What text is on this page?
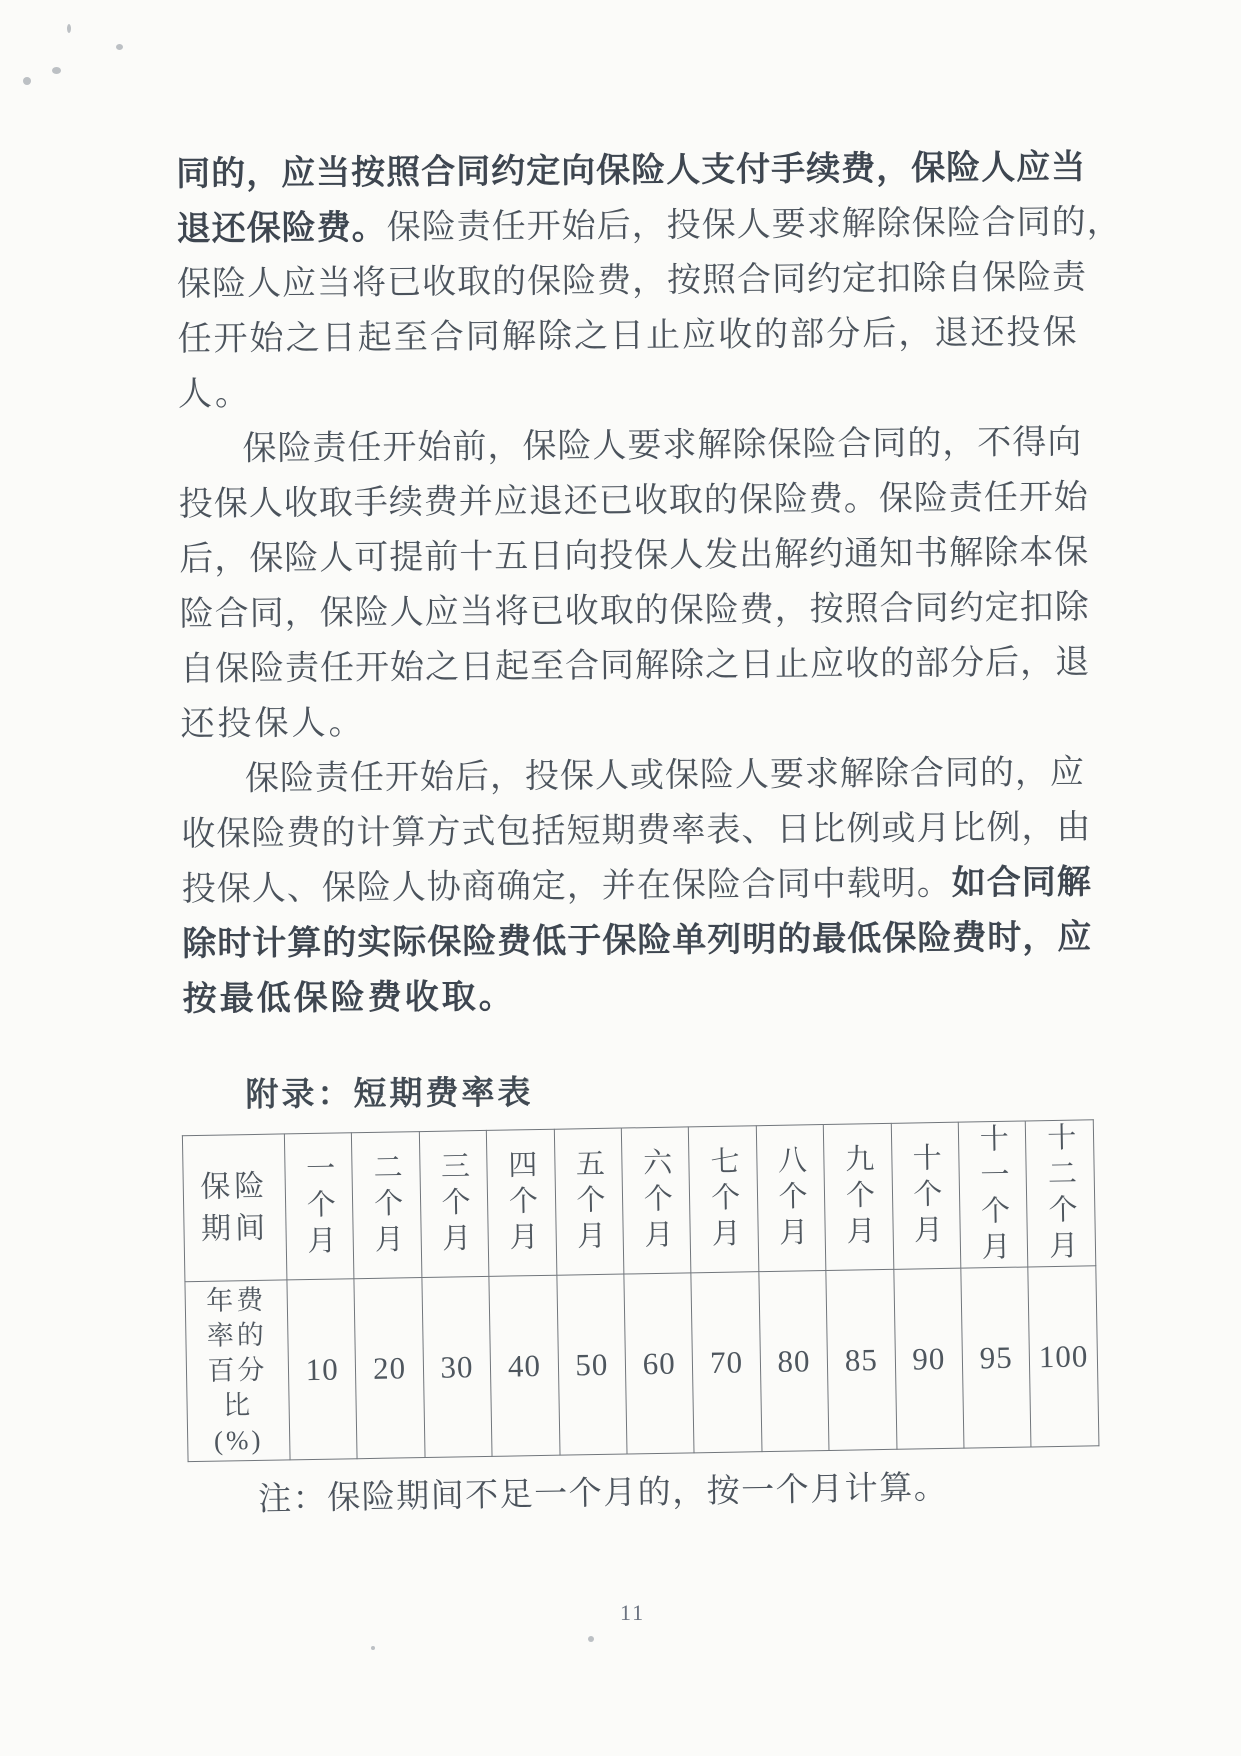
同的，应当按照合同约定向保险人支付手续费，保险人应当
退还保险费。保险责任开始后，投保人要求解除保险合同的，
保险人应当将已收取的保险费，按照合同约定扣除自保险责
任开始之日起至合同解除之日止应收的部分后，退还投保
人。
保险责任开始前，保险人要求解除保险合同的，不得向
投保人收取手续费并应退还已收取的保险费。保险责任开始
后，保险人可提前十五日向投保人发出解约通知书解除本保
险合同，保险人应当将已收取的保险费，按照合同约定扣除
自保险责任开始之日起至合同解除之日止应收的部分后，退
还投保人。
保险责任开始后，投保人或保险人要求解除合同的，应
收保险费的计算方式包括短期费率表、日比例或月比例，由
投保人、保险人协商确定，并在保险合同中载明。如合同解
除时计算的实际保险费低于保险单列明的最低保险费时，应
按最低保险费收取。
附录：短期费率表
保险
期间	一个月	二个月	三个月	四个月	五个月	六个月	七个月	八个月	九个月	十个月	十一个月	十二个月
年费
率的
百分
比
(%)	10	20	30	40	50	60	70	80	85	90	95	100
注：保险期间不足一个月的，按一个月计算。
11
